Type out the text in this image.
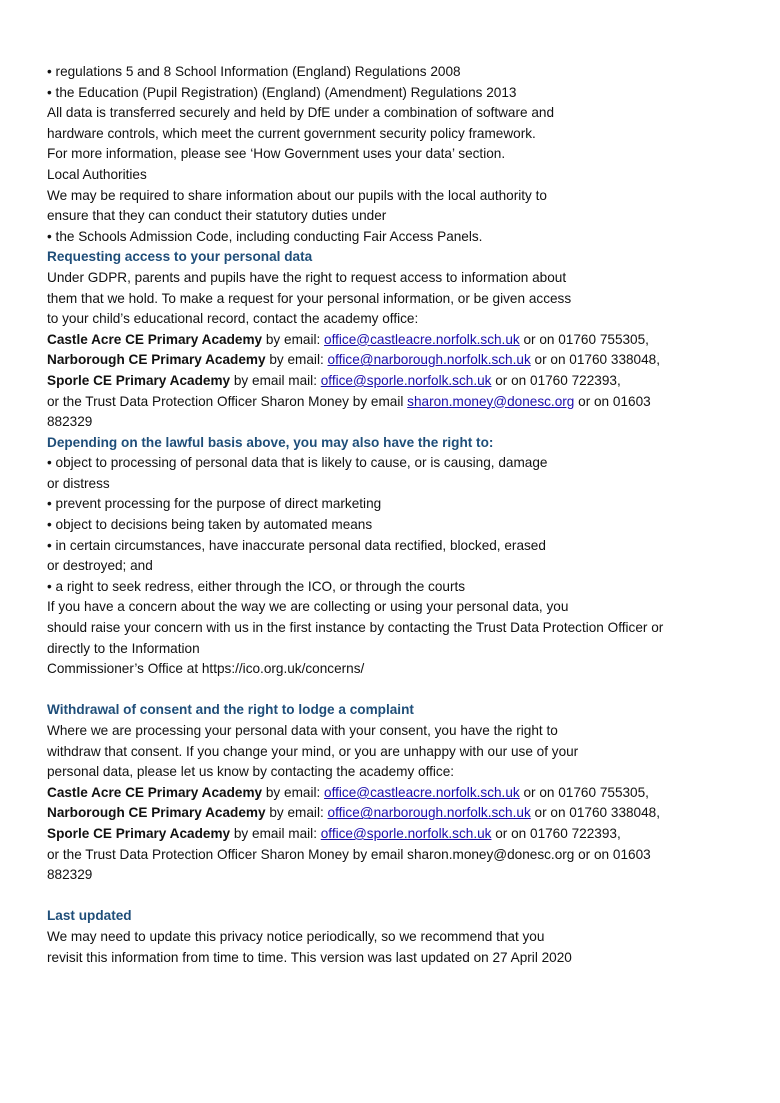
• regulations 5 and 8 School Information (England) Regulations 2008
• the Education (Pupil Registration) (England) (Amendment) Regulations 2013
All data is transferred securely and held by DfE under a combination of software and
hardware controls, which meet the current government security policy framework.
For more information, please see ‘How Government uses your data’ section.
Local Authorities
We may be required to share information about our pupils with the local authority to
ensure that they can conduct their statutory duties under
• the Schools Admission Code, including conducting Fair Access Panels.
Requesting access to your personal data
Under GDPR, parents and pupils have the right to request access to information about
them that we hold. To make a request for your personal information, or be given access
to your child’s educational record, contact the academy office:
Castle Acre CE Primary Academy by email: office@castleacre.norfolk.sch.uk or on 01760 755305,
Narborough CE Primary Academy by email: office@narborough.norfolk.sch.uk or on 01760 338048,
Sporle CE Primary Academy by email mail: office@sporle.norfolk.sch.uk or on 01760 722393,
or the Trust Data Protection Officer Sharon Money by email sharon.money@donesc.org or on 01603
882329
Depending on the lawful basis above, you may also have the right to:
• object to processing of personal data that is likely to cause, or is causing, damage
or distress
• prevent processing for the purpose of direct marketing
• object to decisions being taken by automated means
• in certain circumstances, have inaccurate personal data rectified, blocked, erased
or destroyed; and
• a right to seek redress, either through the ICO, or through the courts
If you have a concern about the way we are collecting or using your personal data, you
should raise your concern with us in the first instance by contacting the Trust Data Protection Officer or
directly to the Information
Commissioner’s Office at https://ico.org.uk/concerns/
Withdrawal of consent and the right to lodge a complaint
Where we are processing your personal data with your consent, you have the right to
withdraw that consent. If you change your mind, or you are unhappy with our use of your
personal data, please let us know by contacting the academy office:
Castle Acre CE Primary Academy by email: office@castleacre.norfolk.sch.uk or on 01760 755305,
Narborough CE Primary Academy by email: office@narborough.norfolk.sch.uk or on 01760 338048,
Sporle CE Primary Academy by email mail: office@sporle.norfolk.sch.uk or on 01760 722393,
or the Trust Data Protection Officer Sharon Money by email sharon.money@donesc.org or on 01603
882329
Last updated
We may need to update this privacy notice periodically, so we recommend that you
revisit this information from time to time. This version was last updated on 27 April 2020
